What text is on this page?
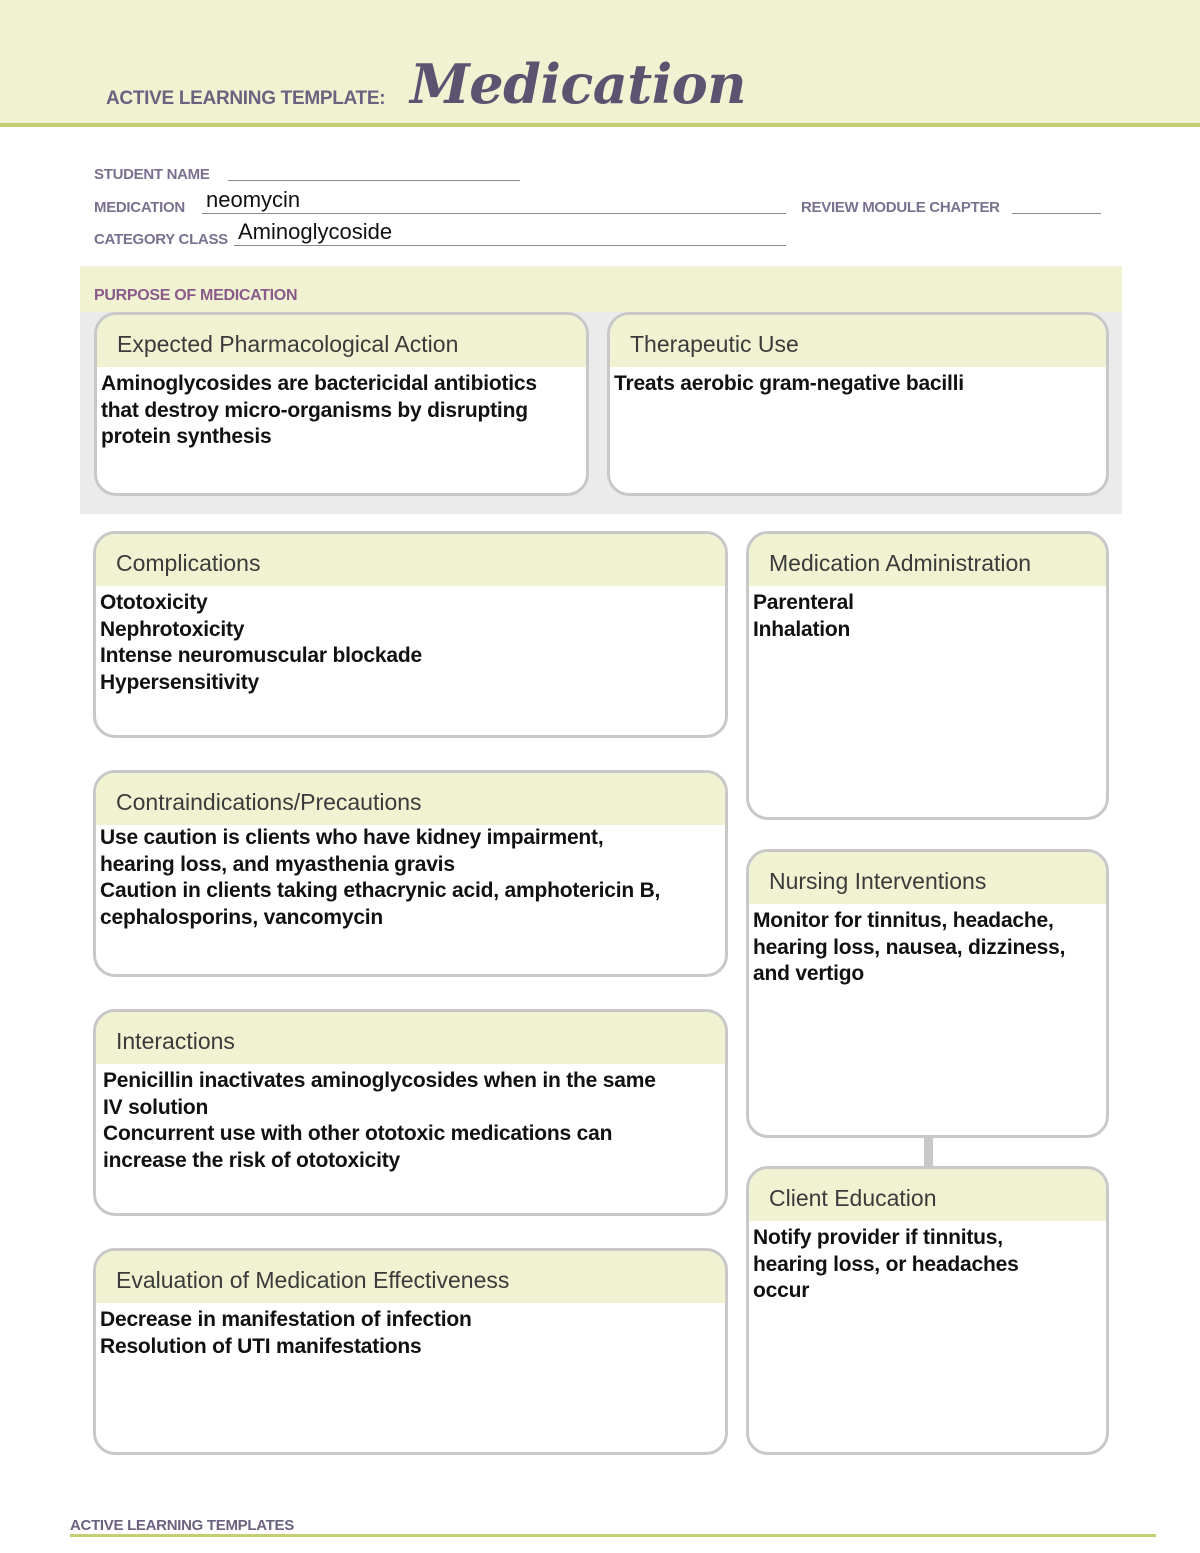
ACTIVE LEARNING TEMPLATE: Medication
STUDENT NAME
MEDICATION neomycin	REVIEW MODULE CHAPTER
CATEGORY CLASS Aminoglycoside
PURPOSE OF MEDICATION
Expected Pharmacological Action
Aminoglycosides are bactericidal antibiotics
that destroy micro-organisms by disrupting
protein synthesis
Therapeutic Use
Treats aerobic gram-negative bacilli
Complications
Ototoxicity
Nephrotoxicity
Intense neuromuscular blockade
Hypersensitivity
Medication Administration
Parenteral
Inhalation
Contraindications/Precautions
Use caution is clients who have kidney impairment,
hearing loss, and myasthenia gravis
Caution in clients taking ethacrynic acid, amphotericin B,
cephalosporins, vancomycin
Nursing Interventions
Monitor for tinnitus, headache,
hearing loss, nausea, dizziness,
and vertigo
Interactions
Penicillin inactivates aminoglycosides when in the same
IV solution
Concurrent use with other ototoxic medications can
increase the risk of ototoxicity
Client Education
Notify provider if tinnitus,
hearing loss, or headaches
occur
Evaluation of Medication Effectiveness
Decrease in manifestation of infection
Resolution of UTI manifestations
ACTIVE LEARNING TEMPLATES
